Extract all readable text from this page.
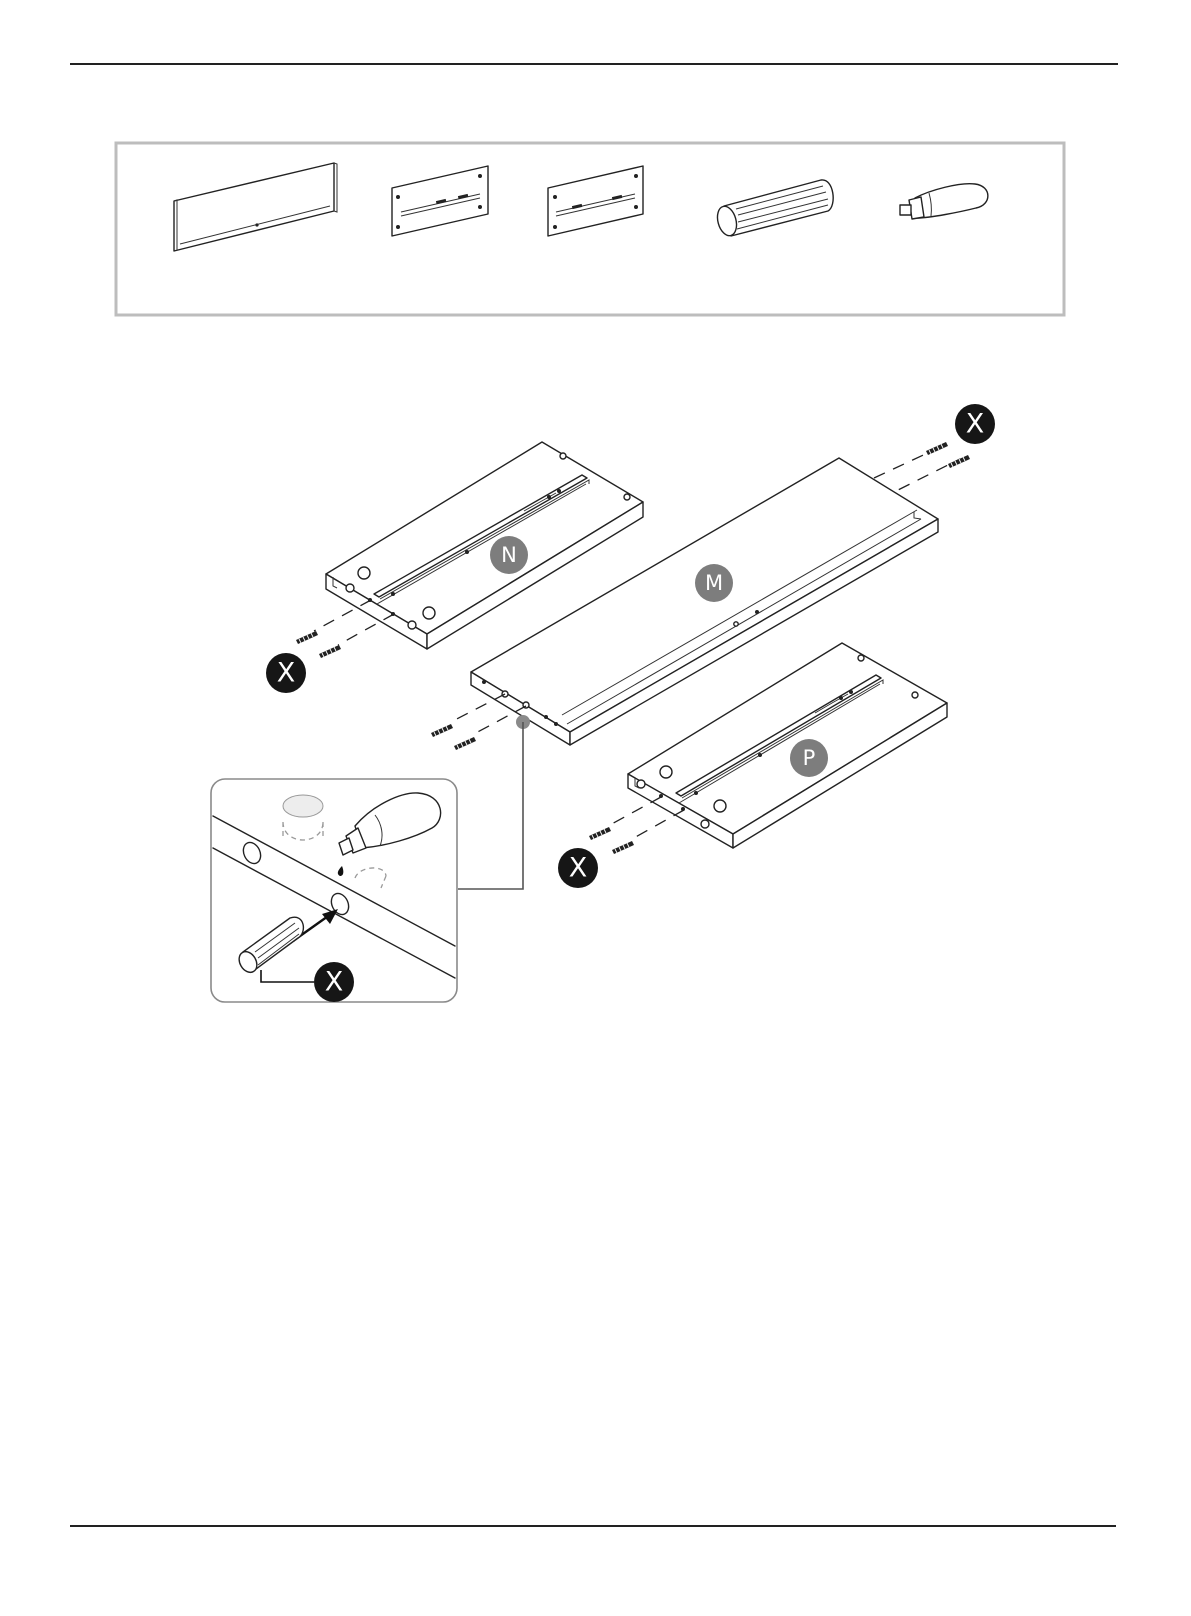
N
M
P
X
X
X
X
